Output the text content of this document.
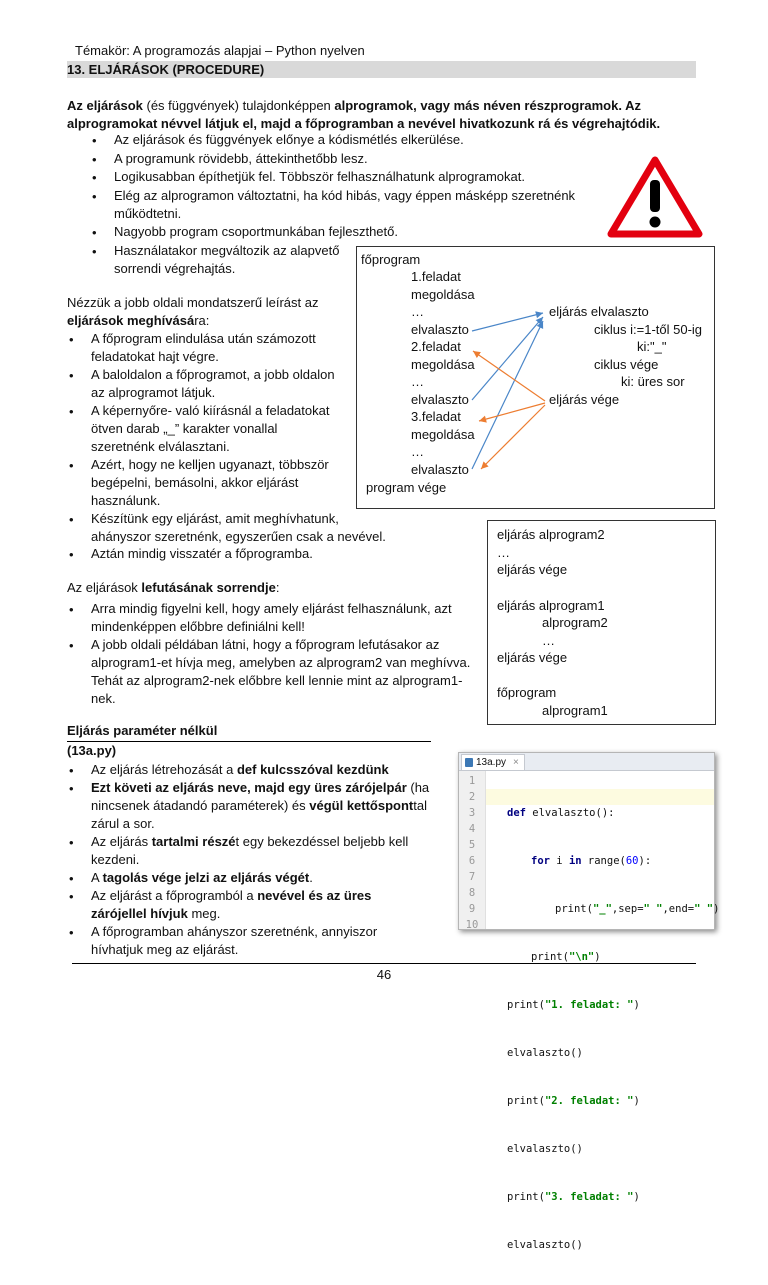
Témakör: A programozás alapjai – Python nyelven
13. ELJÁRÁSOK (PROCEDURE)
Az eljárások (és függvények) tulajdonképpen alprogramok, vagy más néven részprogramok. Az
alprogramokat névvel látjuk el, majd a főprogramban a nevével hivatkozunk rá és végrehajtódik.
• Az eljárások és függvények előnye a kódismétlés elkerülése.
• A programunk rövidebb, áttekinthetőbb lesz.
• Logikusabban építhetjük fel. Többször felhasználhatunk alprogramokat.
• Elég az alprogramon változtatni, ha kód hibás, vagy éppen másképp szeretnénk
működtetni.
• Nagyobb program csoportmunkában fejleszthető.
• Használatakor megváltozik az alapvető
sorrendi végrehajtás.
Nézzük a jobb oldali mondatszerű leírást az
eljárások meghívására:
• A főprogram elindulása után számozott
feladatokat hajt végre.
• A baloldalon a főprogramot, a jobb oldalon
az alprogramot látjuk.
• A képernyőre- való kiírásnál a feladatokat
ötven darab „_” karakter vonallal
szeretnénk elválasztani.
• Azért, hogy ne kelljen ugyanazt, többször
begépelni, bemásolni, akkor eljárást
használunk.
• Készítünk egy eljárást, amit meghívhatunk,
ahányszor szeretnénk, egyszerűen csak a nevével.
• Aztán mindig visszatér a főprogramba.
főprogram
1.feladat
megoldása
…
elvalaszto
2.feladat
megoldása
…
elvalaszto
3.feladat
megoldása
…
elvalaszto
program vége
eljárás elvalaszto
ciklus i:=1-től 50-ig
ki:"_"
ciklus vége
ki: üres sor
eljárás vége
Az eljárások lefutásának sorrendje:
• Arra mindig figyelni kell, hogy amely eljárást felhasználunk, azt
mindenképpen előbbre definiálni kell!
• A jobb oldali példában látni, hogy a főprogram lefutásakor az
alprogram1-et hívja meg, amelyben az alprogram2 van meghívva.
Tehát az alprogram2-nek előbbre kell lennie mint az alprogram1-
nek.
eljárás alprogram2
…
eljárás vége
eljárás alprogram1
alprogram2
…
eljárás vége
főprogram
alprogram1
Eljárás paraméter nélkül
(13a.py)
• Az eljárás létrehozását a def kulcsszóval kezdünk
• Ezt követi az eljárás neve, majd egy üres zárójelpár (ha
nincsenek átadandó paraméterek) és végül kettősponttal
zárul a sor.
• Az eljárás tartalmi részét egy bekezdéssel beljebb kell
kezdeni.
• A tagolás vége jelzi az eljárás végét.
• Az eljárást a főprogramból a nevével és az üres
zárójellel hívjuk meg.
• A főprogramban ahányszor szeretnénk, annyiszor
hívhatjuk meg az eljárást.
13a.py ×
1
2
3
4
5
6
7
8
9
10

def elvalaszto():

for i in range(60):

print("_",sep=" ",end=" ")

print("\n")

print("1. feladat: ")

elvalaszto()

print("2. feladat: ")

elvalaszto()

print("3. feladat: ")

elvalaszto()

46
